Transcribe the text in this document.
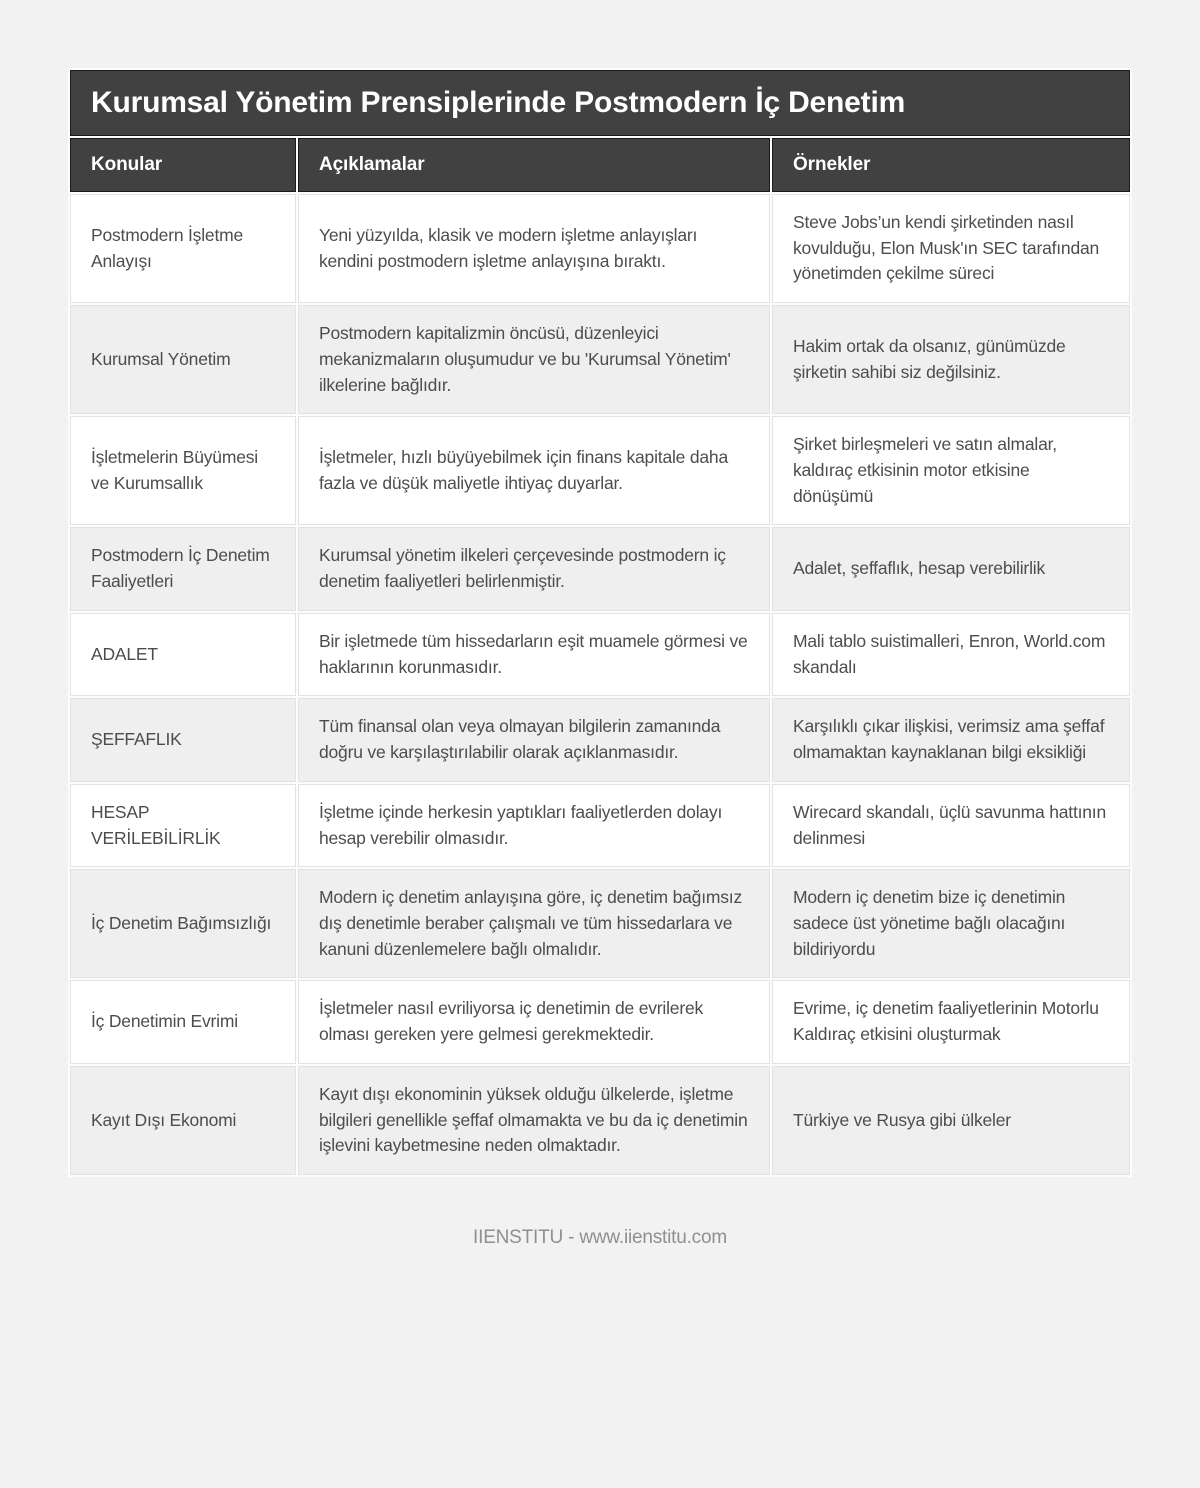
Kurumsal Yönetim Prensiplerinde Postmodern İç Denetim		
Konular	Açıklamalar	Örnekler
Postmodern İşletme Anlayışı	Yeni yüzyılda, klasik ve modern işletme anlayışları kendini postmodern işletme anlayışına bıraktı.	Steve Jobs’un kendi şirketinden nasıl kovulduğu, Elon Musk'ın SEC tarafından yönetimden çekilme süreci
Kurumsal Yönetim	Postmodern kapitalizmin öncüsü, düzenleyici mekanizmaların oluşumudur ve bu 'Kurumsal Yönetim' ilkelerine bağlıdır.	Hakim ortak da olsanız, günümüzde şirketin sahibi siz değilsiniz.
İşletmelerin Büyümesi ve Kurumsallık	İşletmeler, hızlı büyüyebilmek için finans kapitale daha fazla ve düşük maliyetle ihtiyaç duyarlar.	Şirket birleşmeleri ve satın almalar, kaldıraç etkisinin motor etkisine dönüşümü
Postmodern İç Denetim Faaliyetleri	Kurumsal yönetim ilkeleri çerçevesinde postmodern iç denetim faaliyetleri belirlenmiştir.	Adalet, şeffaflık, hesap verebilirlik
ADALET	Bir işletmede tüm hissedarların eşit muamele görmesi ve haklarının korunmasıdır.	Mali tablo suistimalleri, Enron, World.com skandalı
ŞEFFAFLIK	Tüm finansal olan veya olmayan bilgilerin zamanında doğru ve karşılaştırılabilir olarak açıklanmasıdır.	Karşılıklı çıkar ilişkisi, verimsiz ama şeffaf olmamaktan kaynaklanan bilgi eksikliği
HESAP VERİLEBİLİRLİK	İşletme içinde herkesin yaptıkları faaliyetlerden dolayı hesap verebilir olmasıdır.	Wirecard skandalı, üçlü savunma hattının delinmesi
İç Denetim Bağımsızlığı	Modern iç denetim anlayışına göre, iç denetim bağımsız dış denetimle beraber çalışmalı ve tüm hissedarlara ve kanuni düzenlemelere bağlı olmalıdır.	Modern iç denetim bize iç denetimin sadece üst yönetime bağlı olacağını bildiriyordu
İç Denetimin Evrimi	İşletmeler nasıl evriliyorsa iç denetimin de evrilerek olması gereken yere gelmesi gerekmektedir.	Evrime, iç denetim faaliyetlerinin Motorlu Kaldıraç etkisini oluşturmak
Kayıt Dışı Ekonomi	Kayıt dışı ekonominin yüksek olduğu ülkelerde, işletme bilgileri genellikle şeffaf olmamakta ve bu da iç denetimin işlevini kaybetmesine neden olmaktadır.	Türkiye ve Rusya gibi ülkeler
IIENSTITU - www.iienstitu.com
